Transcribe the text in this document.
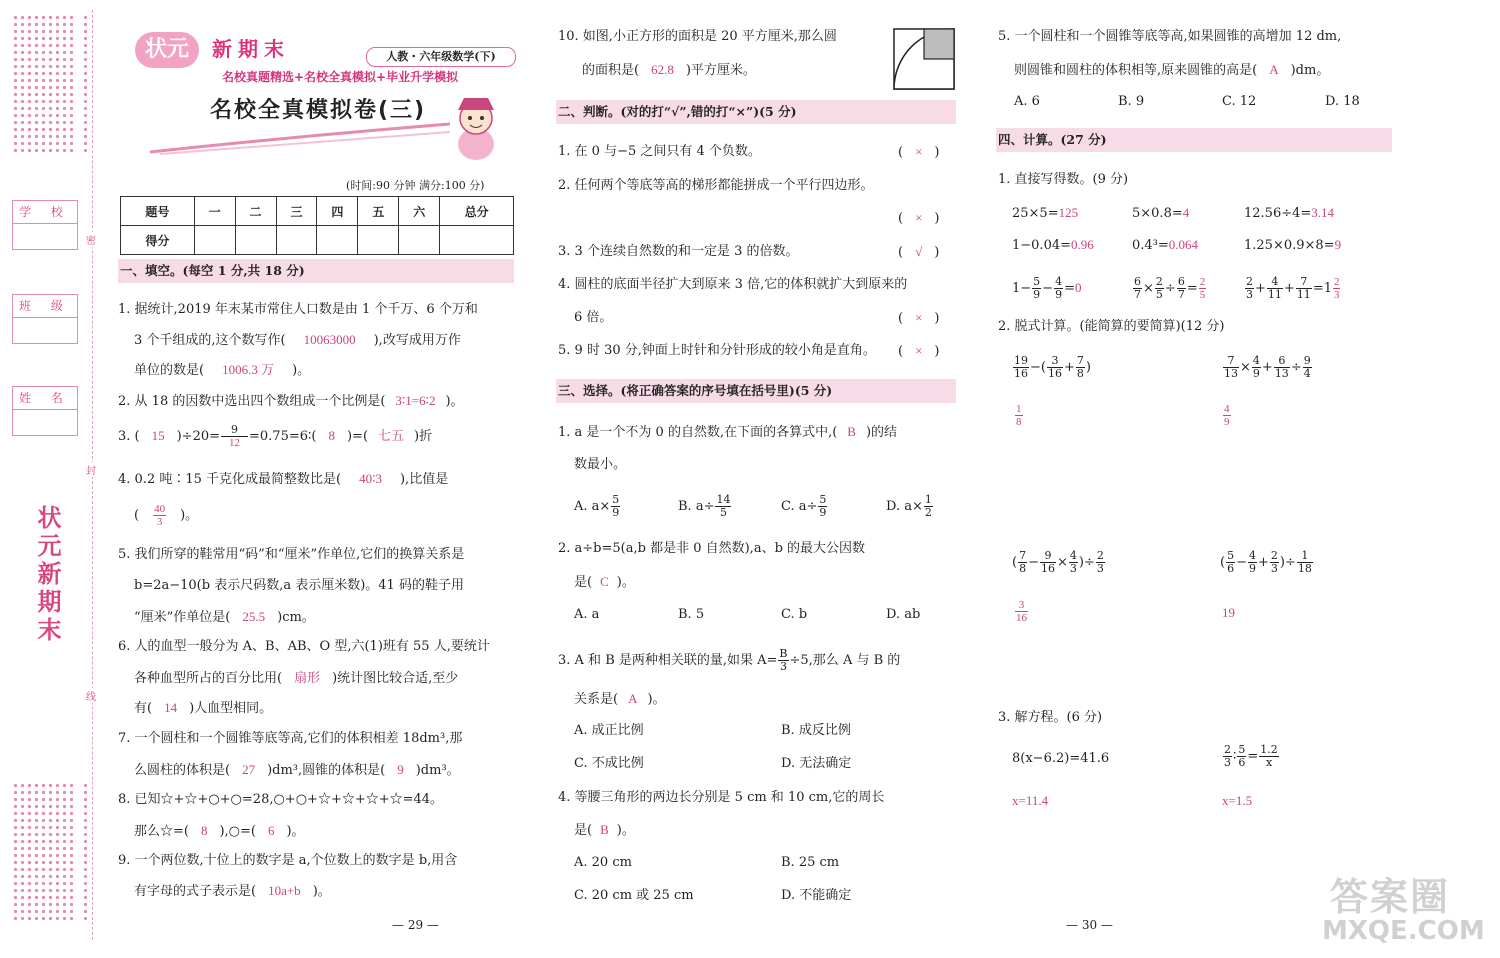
学 校
班 级
姓 名
状元新期末
密
封
线
状元	新期末	人教・六年级数学(下)
名校真题精选+名校全真模拟+毕业升学模拟
名校全真模拟卷(三)
(时间:90 分钟 满分:100 分)
题号	一	二	三	四	五	六	总分
得分							
一、填空。(每空 1 分,共 18 分)
1. 据统计,2019 年末某市常住人口数是由 1 个千万、6 个万和
3 个千组成的,这个数写作( 10063000 ),改写成用万作
单位的数是( 1006.3 万 )。
2. 从 18 的因数中选出四个数组成一个比例是( 3∶1=6∶2 )。
3. ( 15 )$\div 20= \frac{9}{12}$ =0.75=6∶( 8 )=( 七五 )折
4. 0.2 吨∶15 千克化成最简整数比是( 40∶3 ),比值是
( $\frac{40}{3}$ )。
5. 我们所穿的鞋常用“码”和“厘米”作单位,它们的换算关系是
b=2a−10(b 表示尺码数,a 表示厘米数)。41 码的鞋子用
“厘米”作单位是( 25.5 )cm。
6. 人的血型一般分为 A、B、AB、O 型,六(1)班有 55 人,要统计
各种血型所占的百分比用( 扇形 )统计图比较合适,至少
有( 14 )人血型相同。
7. 一个圆柱和一个圆锥等底等高,它们的体积相差 18dm³,那
么圆柱的体积是( 27 )dm³,圆锥的体积是( 9 )dm³。
8. 已知☆+☆+○+○=28,○+○+☆+☆+☆+☆=44。
那么☆=( 8 ),○=( 6 )。
9. 一个两位数,十位上的数字是 a,个位数上的数字是 b,用含
有字母的式子表示是( 10a+b )。
— 29 —
10. 如图,小正方形的面积是 20 平方厘米,那么圆
的面积是( 62.8 )平方厘米。
二、判断。(对的打“√”,错的打“×”)(5 分)
1. 在 0 与−5 之间只有 4 个负数。	( × )
2. 任何两个等底等高的梯形都能拼成一个平行四边形。
( × )
3. 3 个连续自然数的和一定是 3 的倍数。	( √ )
4. 圆柱的底面半径扩大到原来 3 倍,它的体积就扩大到原来的
6 倍。	( × )
5. 9 时 30 分,钟面上时针和分针形成的较小角是直角。 ( × )
三、选择。(将正确答案的序号填在括号里)(5 分)
1. a 是一个不为 0 的自然数,在下面的各算式中,( B )的结
数最小。
A. $a\times \frac{5}{9}$	B. $a\div \frac{14}{5}$	C. $a\div \frac{5}{9}$	D. $a\times \frac{1}{2}$
2. a÷b=5(a,b 都是非 0 自然数),a、b 的最大公因数
是( C )。
A. a	B. 5	C. b	D. ab
3. A 和 B 是两种相关联的量,如果 $A= \frac{B}{3} \div 5$,那么 A 与 B 的
关系是( A )。
A. 成正比例	B. 成反比例
C. 不成比例	D. 无法确定
4. 等腰三角形的两边长分别是 5 cm 和 10 cm,它的周长
是( B )。
A. 20 cm	B. 25 cm
C. 20 cm 或 25 cm	D. 不能确定
5. 一个圆柱和一个圆锥等底等高,如果圆锥的高增加 12 dm,
则圆锥和圆柱的体积相等,原来圆锥的高是( A )dm。
A. 6	B. 9	C. 12	D. 18
四、计算。(27 分)
1. 直接写得数。(9 分)
25×5=125	5×0.8=4	12.56÷4=3.14
1−0.04=0.96	0.4³=0.064	1.25×0.9×8=9
$1- \frac{5}{9} - \frac{4}{9} =0$	$\frac{6}{7} \times \frac{2}{5} \div \frac{6}{7} = \frac{2}{5}$	$\frac{2}{3} + \frac{4}{11} + \frac{7}{11} =1 \frac{2}{3}$
2. 脱式计算。(能简算的要简算)(12 分)
$\frac{19}{16}$ −( $\frac{3}{16} + \frac{7}{8}$ )
$\frac{1}{8}$
$\frac{7}{13} \times \frac{4}{9} + \frac{6}{13} \div \frac{9}{4}$
$\frac{4}{9}$
( $\frac{7}{8} - \frac{9}{16} \times \frac{4}{3}$ )÷ $\frac{2}{3}$
$\frac{3}{16}$
( $\frac{5}{6} - \frac{4}{9} + \frac{2}{3}$ )÷ $\frac{1}{18}$
19
3. 解方程。(6 分)
8(x−6.2)=41.6	$\frac{2}{3}$ ∶ $\frac{5}{6} = \frac{1.2}{x}$
x=11.4	x=1.5
— 30 —
答案圈
MXQE.COM
